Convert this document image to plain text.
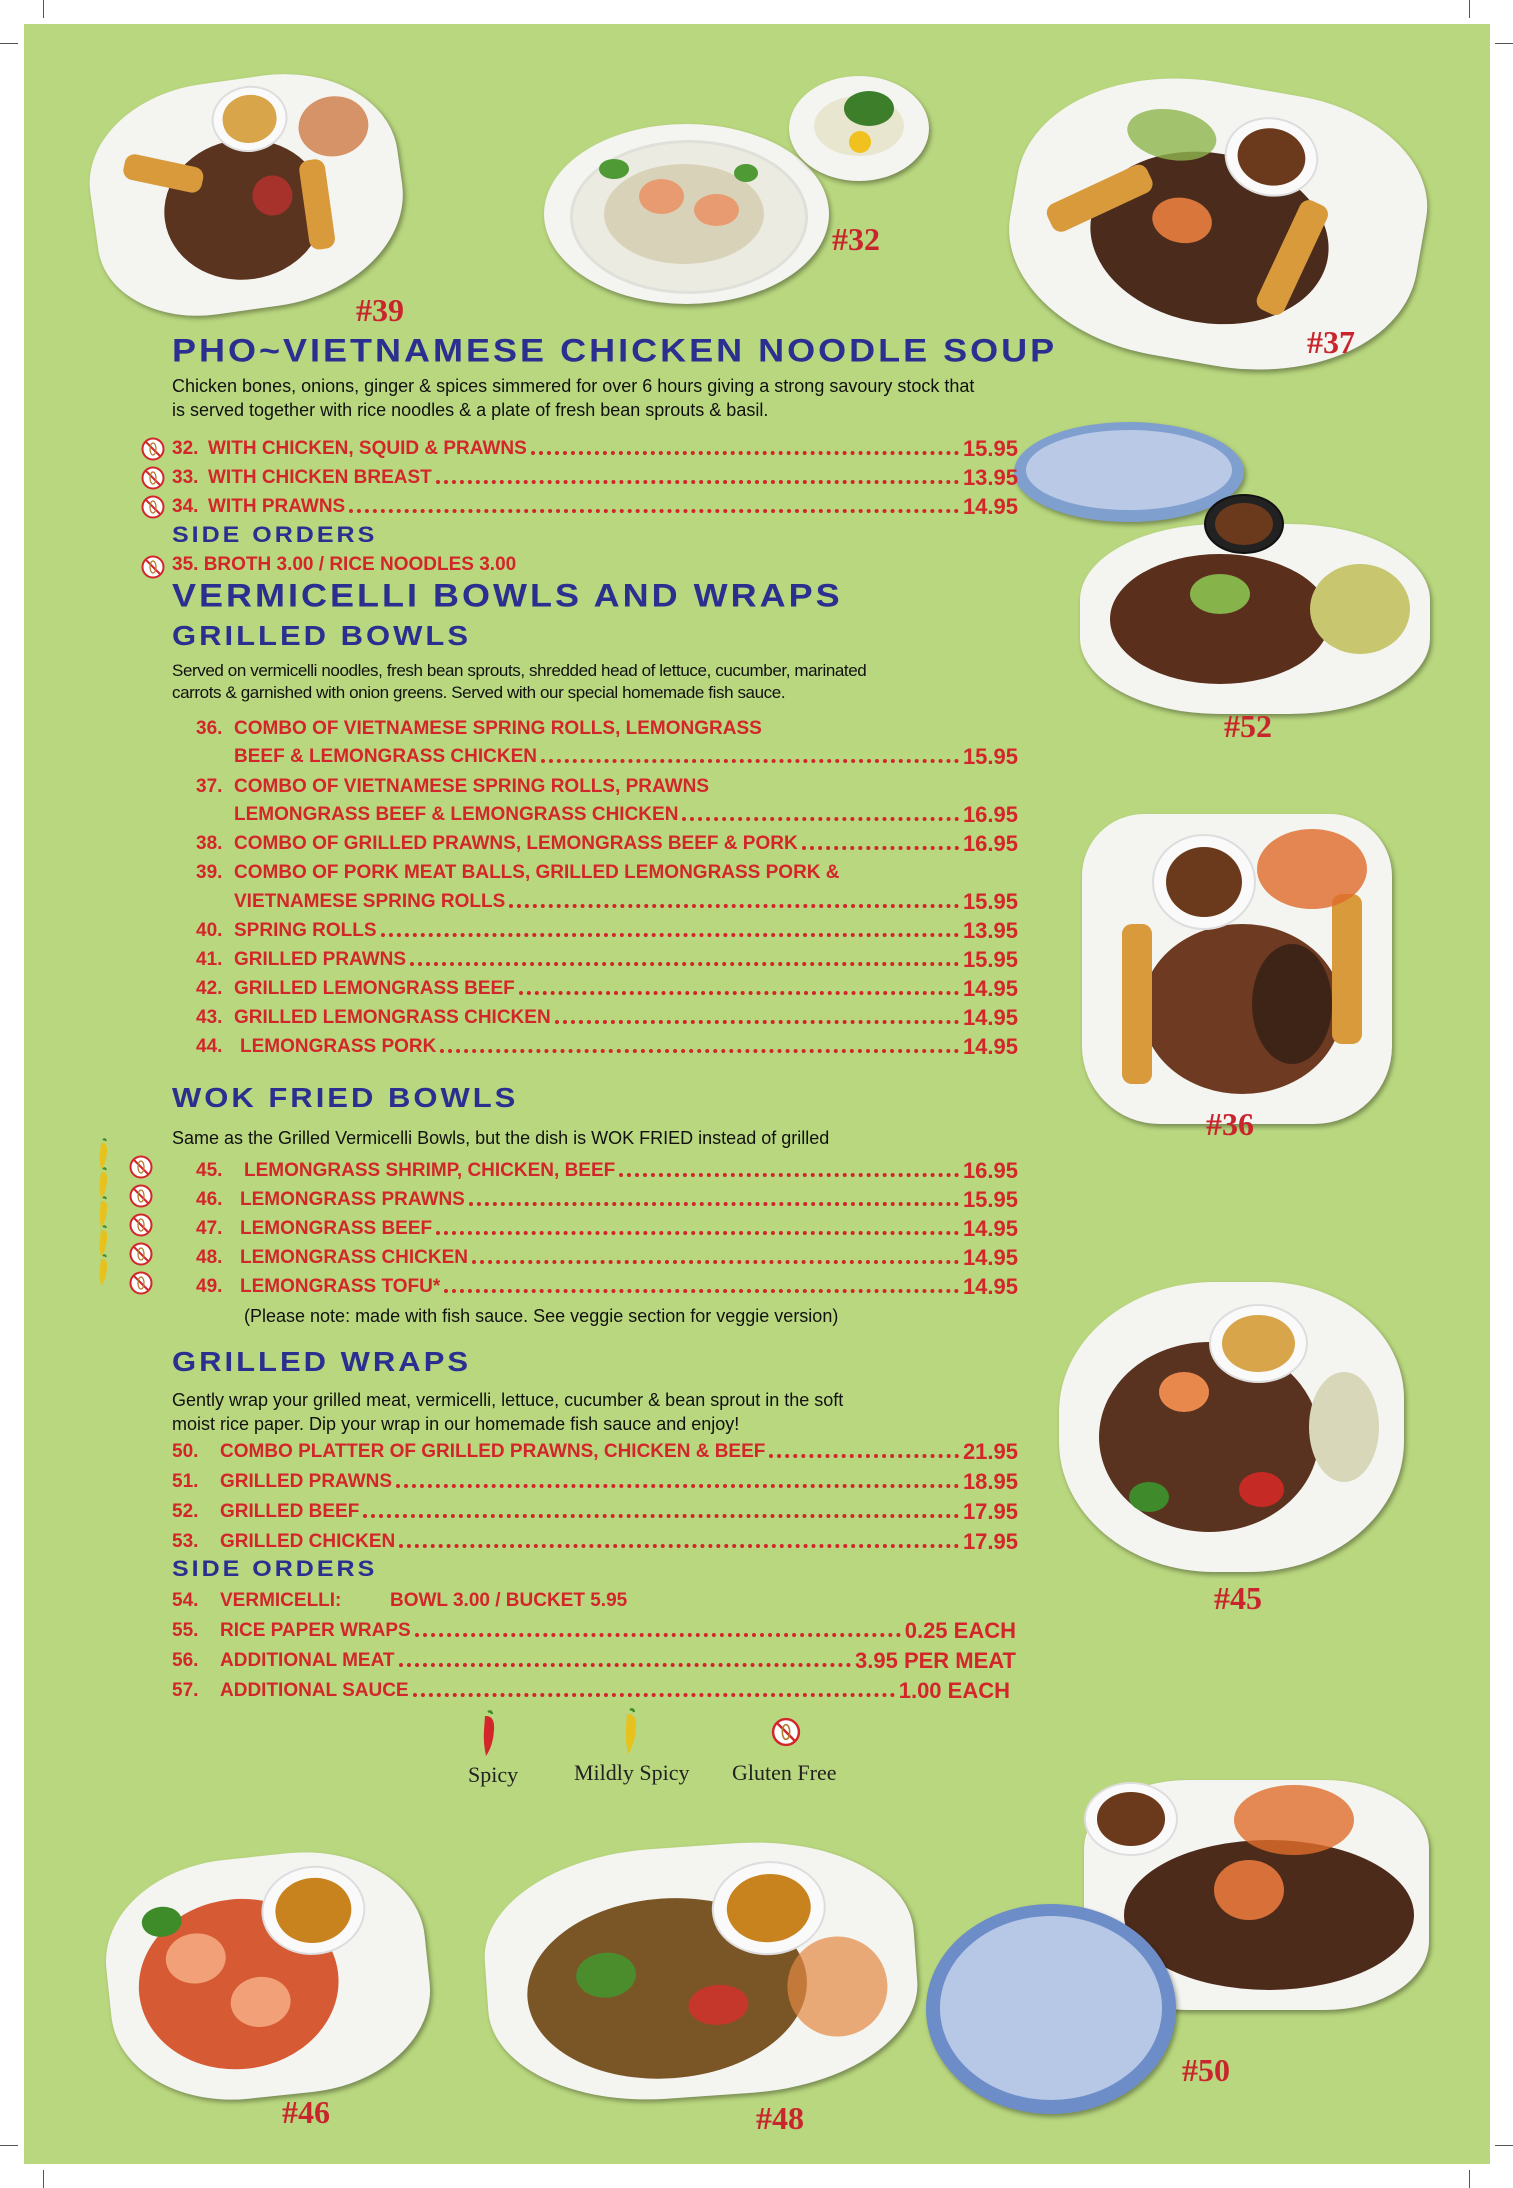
#39
#32
#37
#52
#36
#45
#46	#48
#50
PHO~VIETNAMESE CHICKEN NOODLE SOUP
Chicken bones, onions, ginger & spices simmered for over 6 hours giving a strong savoury stock that
is served together with rice noodles & a plate of fresh bean sprouts & basil.
32. WITH CHICKEN, SQUID & PRAWNS	15.95
33. WITH CHICKEN BREAST	13.95
34. WITH PRAWNS	14.95
SIDE ORDERS
35. BROTH 3.00 / RICE NOODLES 3.00
VERMICELLI BOWLS AND WRAPS
GRILLED BOWLS
Served on vermicelli noodles, fresh bean sprouts, shredded head of lettuce, cucumber, marinated
carrots & garnished with onion greens. Served with our special homemade fish sauce.
36. COMBO OF VIETNAMESE SPRING ROLLS, LEMONGRASS
BEEF & LEMONGRASS CHICKEN	15.95
37. COMBO OF VIETNAMESE SPRING ROLLS, PRAWNS
LEMONGRASS BEEF & LEMONGRASS CHICKEN	16.95
38. COMBO OF GRILLED PRAWNS, LEMONGRASS BEEF & PORK	16.95
39. COMBO OF PORK MEAT BALLS, GRILLED LEMONGRASS PORK &
VIETNAMESE SPRING ROLLS	15.95
40. SPRING ROLLS	13.95
41. GRILLED PRAWNS	15.95
42. GRILLED LEMONGRASS BEEF	14.95
43. GRILLED LEMONGRASS CHICKEN	14.95
44. LEMONGRASS PORK	14.95
WOK FRIED BOWLS
Same as the Grilled Vermicelli Bowls, but the dish is WOK FRIED instead of grilled
45.	LEMONGRASS SHRIMP, CHICKEN, BEEF	16.95
46. LEMONGRASS PRAWNS	15.95
47. LEMONGRASS BEEF	14.95
48. LEMONGRASS CHICKEN	14.95
49. LEMONGRASS TOFU*	14.95
(Please note: made with fish sauce. See veggie section for veggie version)
GRILLED WRAPS
Gently wrap your grilled meat, vermicelli, lettuce, cucumber & bean sprout in the soft
moist rice paper. Dip your wrap in our homemade fish sauce and enjoy!
50.	COMBO PLATTER OF GRILLED PRAWNS, CHICKEN & BEEF	21.95
51.	GRILLED PRAWNS	18.95
52.	GRILLED BEEF	17.95
53.	GRILLED CHICKEN	17.95
SIDE ORDERS
54.	VERMICELLI:	BOWL 3.00 / BUCKET 5.95
55.	RICE PAPER WRAPS	0.25 EACH
56.	ADDITIONAL MEAT	3.95 PER MEAT
57.	ADDITIONAL SAUCE	1.00 EACH
Spicy	Mildly Spicy Gluten Free
